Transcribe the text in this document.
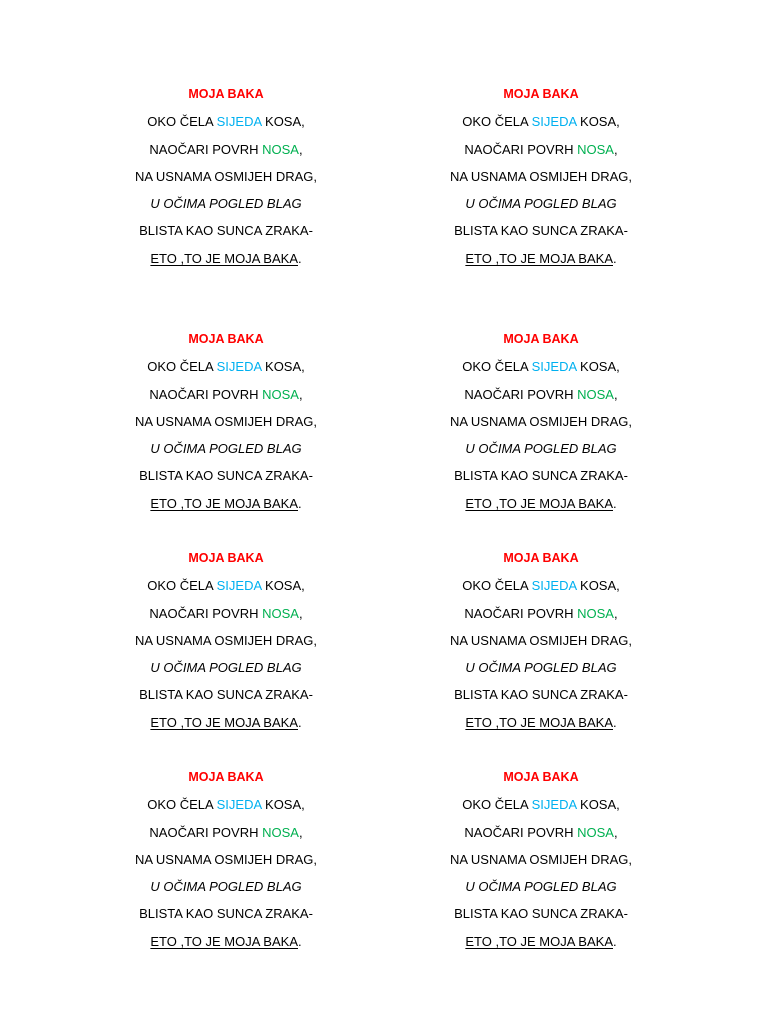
MOJA BAKA
OKO ČELA SIJEDA KOSA,
NAOČARI POVRH NOSA,
NA USNAMA OSMIJEH DRAG,
U OČIMA POGLED BLAG
BLISTA KAO SUNCA ZRAKA-
ETO ,TO JE MOJA BAKA.
MOJA BAKA
OKO ČELA SIJEDA KOSA,
NAOČARI POVRH NOSA,
NA USNAMA OSMIJEH DRAG,
U OČIMA POGLED BLAG
BLISTA KAO SUNCA ZRAKA-
ETO ,TO JE MOJA BAKA.
MOJA BAKA
OKO ČELA SIJEDA KOSA,
NAOČARI POVRH NOSA,
NA USNAMA OSMIJEH DRAG,
U OČIMA POGLED BLAG
BLISTA KAO SUNCA ZRAKA-
ETO ,TO JE MOJA BAKA.
MOJA BAKA
OKO ČELA SIJEDA KOSA,
NAOČARI POVRH NOSA,
NA USNAMA OSMIJEH DRAG,
U OČIMA POGLED BLAG
BLISTA KAO SUNCA ZRAKA-
ETO ,TO JE MOJA BAKA.
MOJA BAKA
OKO ČELA SIJEDA KOSA,
NAOČARI POVRH NOSA,
NA USNAMA OSMIJEH DRAG,
U OČIMA POGLED BLAG
BLISTA KAO SUNCA ZRAKA-
ETO ,TO JE MOJA BAKA.
MOJA BAKA
OKO ČELA SIJEDA KOSA,
NAOČARI POVRH NOSA,
NA USNAMA OSMIJEH DRAG,
U OČIMA POGLED BLAG
BLISTA KAO SUNCA ZRAKA-
ETO ,TO JE MOJA BAKA.
MOJA BAKA
OKO ČELA SIJEDA KOSA,
NAOČARI POVRH NOSA,
NA USNAMA OSMIJEH DRAG,
U OČIMA POGLED BLAG
BLISTA KAO SUNCA ZRAKA-
ETO ,TO JE MOJA BAKA.
MOJA BAKA
OKO ČELA SIJEDA KOSA,
NAOČARI POVRH NOSA,
NA USNAMA OSMIJEH DRAG,
U OČIMA POGLED BLAG
BLISTA KAO SUNCA ZRAKA-
ETO ,TO JE MOJA BAKA.
